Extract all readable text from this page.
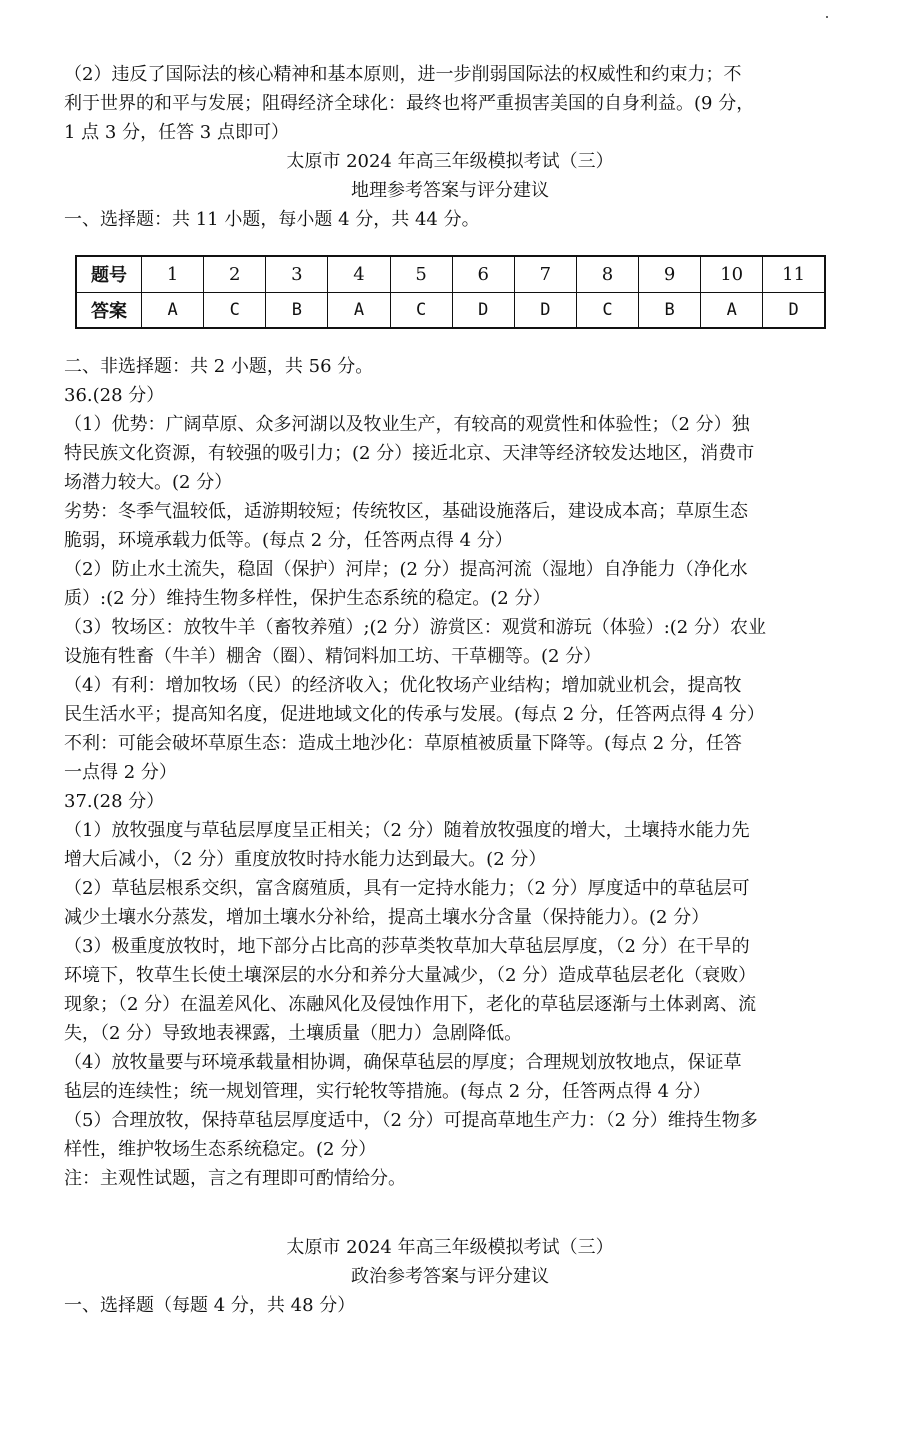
（2）违反了国际法的核心精神和基本原则，进一步削弱国际法的权威性和约束力；不
利于世界的和平与发展；阻碍经济全球化：最终也将严重损害美国的自身利益。(9 分，
1 点 3 分，任答 3 点即可）
太原市 2024 年高三年级模拟考试（三）
地理参考答案与评分建议
一、选择题：共 11 小题，每小题 4 分，共 44 分。
题号	1	2	3	4	5	6	7	8	9	10	11
答案	A	C	B	A	C	D	D	C	B	A	D
二、非选择题：共 2 小题，共 56 分。
36.(28 分）
（1）优势：广阔草原、众多河湖以及牧业生产，有较高的观赏性和体验性；（2 分）独
特民族文化资源，有较强的吸引力；(2 分）接近北京、天津等经济较发达地区，消费市
场潜力较大。(2 分）
劣势：冬季气温较低，适游期较短；传统牧区，基础设施落后，建设成本高；草原生态
脆弱，环境承载力低等。(每点 2 分，任答两点得 4 分）
（2）防止水土流失，稳固（保护）河岸；(2 分）提高河流（湿地）自净能力（净化水
质）:(2 分）维持生物多样性，保护生态系统的稳定。(2 分）
（3）牧场区：放牧牛羊（畜牧养殖）;(2 分）游赏区：观赏和游玩（体验）:(2 分）农业
设施有牲畜（牛羊）棚舍（圈）、精饲料加工坊、干草棚等。(2 分）
（4）有利：增加牧场（民）的经济收入；优化牧场产业结构；增加就业机会，提高牧
民生活水平；提高知名度，促进地域文化的传承与发展。(每点 2 分，任答两点得 4 分）
不利：可能会破坏草原生态：造成土地沙化：草原植被质量下降等。(每点 2 分，任答
一点得 2 分）
37.(28 分）
（1）放牧强度与草毡层厚度呈正相关；（2 分）随着放牧强度的增大，土壤持水能力先
增大后减小，（2 分）重度放牧时持水能力达到最大。(2 分）
（2）草毡层根系交织，富含腐殖质，具有一定持水能力；（2 分）厚度适中的草毡层可
减少土壤水分蒸发，增加土壤水分补给，提高土壤水分含量（保持能力）。(2 分）
（3）极重度放牧时，地下部分占比高的莎草类牧草加大草毡层厚度，（2 分）在干旱的
环境下，牧草生长使土壤深层的水分和养分大量减少，（2 分）造成草毡层老化（衰败）
现象；（2 分）在温差风化、冻融风化及侵蚀作用下，老化的草毡层逐渐与土体剥离、流
失，（2 分）导致地表裸露，土壤质量（肥力）急剧降低。
（4）放牧量要与环境承载量相协调，确保草毡层的厚度；合理规划放牧地点，保证草
毡层的连续性；统一规划管理，实行轮牧等措施。(每点 2 分，任答两点得 4 分）
（5）合理放牧，保持草毡层厚度适中，（2 分）可提高草地生产力：（2 分）维持生物多
样性，维护牧场生态系统稳定。(2 分）
注：主观性试题，言之有理即可酌情给分。
太原市 2024 年高三年级模拟考试（三）
政治参考答案与评分建议
一、选择题（每题 4 分，共 48 分）
